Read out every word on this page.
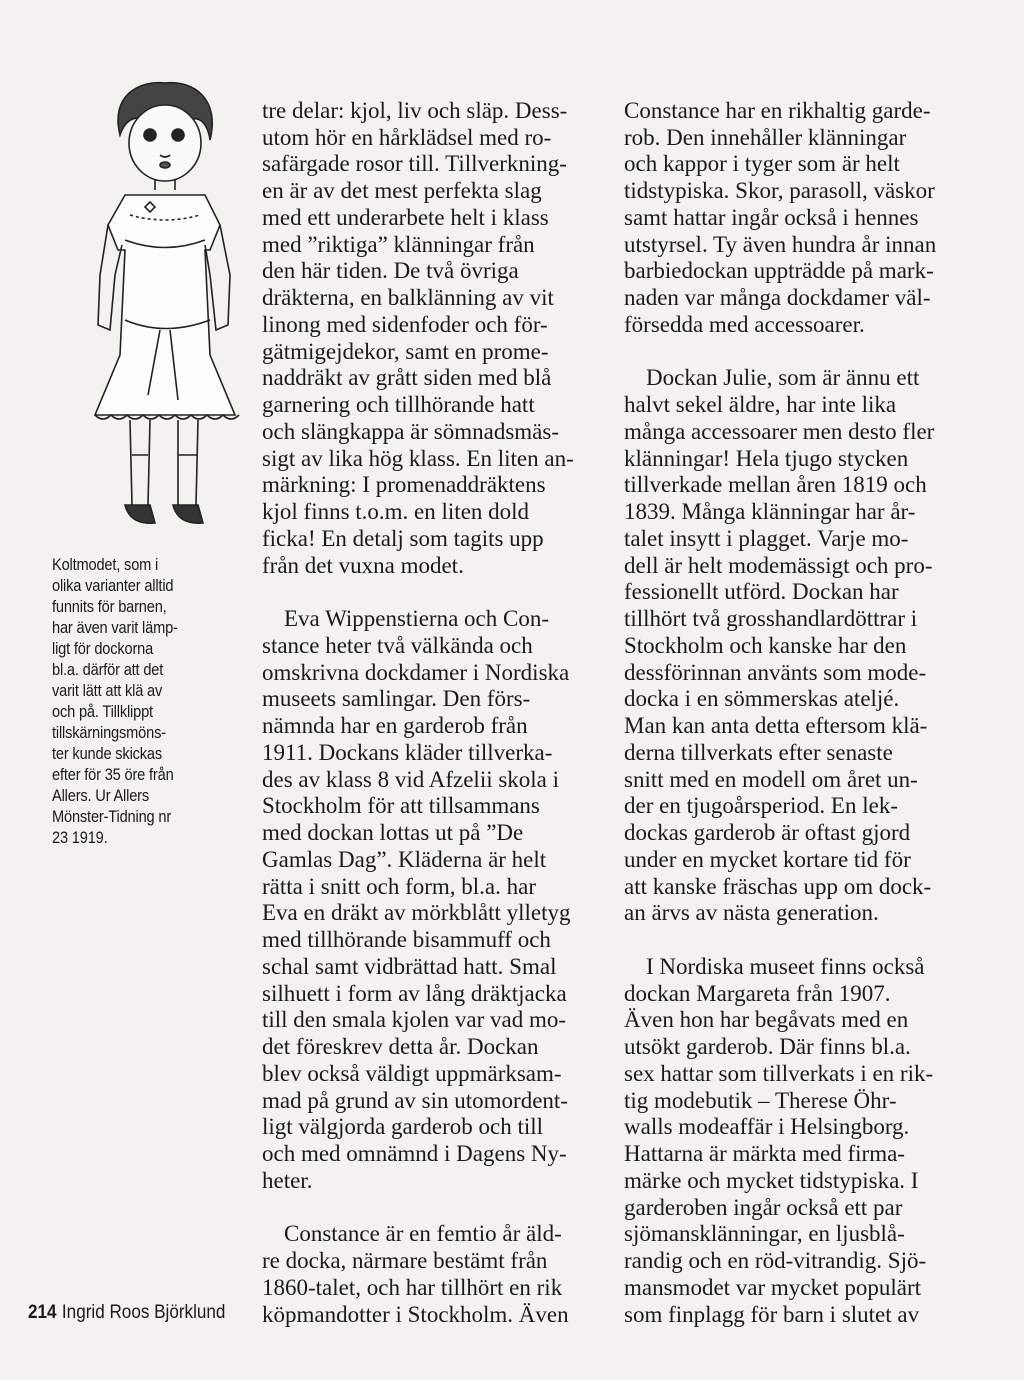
Koltmodet, som i
olika varianter alltid
funnits för barnen,
har även varit lämp-
ligt för dockorna
bl.a. därför att det
varit lätt att klä av
och på. Tillklippt
tillskärningsmöns-
ter kunde skickas
efter för 35 öre från
Allers. Ur Allers
Mönster-Tidning nr
23 1919.

tre delar: kjol, liv och släp. Dess-
utom hör en hårklädsel med ro-
safärgade rosor till. Tillverkning-
en är av det mest perfekta slag
med ett underarbete helt i klass
med ”riktiga” klänningar från
den här tiden. De två övriga
dräkterna, en balklänning av vit
linong med sidenfoder och för-
gätmigejdekor, samt en prome-
naddräkt av grått siden med blå
garnering och tillhörande hatt
och slängkappa är sömnadsmäs-
sigt av lika hög klass. En liten an-
märkning: I promenaddräktens
kjol finns t.o.m. en liten dold
ficka! En detalj som tagits upp
från det vuxna modet.

Eva Wippenstierna och Con-
stance heter två välkända och
omskrivna dockdamer i Nordiska
museets samlingar. Den förs-
nämnda har en garderob från
1911. Dockans kläder tillverka-
des av klass 8 vid Afzelii skola i
Stockholm för att tillsammans
med dockan lottas ut på ”De
Gamlas Dag”. Kläderna är helt
rätta i snitt och form, bl.a. har
Eva en dräkt av mörkblått ylletyg
med tillhörande bisammuff och
schal samt vidbrättad hatt. Smal
silhuett i form av lång dräktjacka
till den smala kjolen var vad mo-
det föreskrev detta år. Dockan
blev också väldigt uppmärksam-
mad på grund av sin utomordent-
ligt välgjorda garderob och till
och med omnämnd i Dagens Ny-
heter.

Constance är en femtio år äld-
re docka, närmare bestämt från
1860-talet, och har tillhört en rik
köpmandotter i Stockholm. Även

Constance har en rikhaltig garde-
rob. Den innehåller klänningar
och kappor i tyger som är helt
tidstypiska. Skor, parasoll, väskor
samt hattar ingår också i hennes
utstyrsel. Ty även hundra år innan
barbiedockan uppträdde på mark-
naden var många dockdamer väl-
försedda med accessoarer.

Dockan Julie, som är ännu ett
halvt sekel äldre, har inte lika
många accessoarer men desto fler
klänningar! Hela tjugo stycken
tillverkade mellan åren 1819 och
1839. Många klänningar har år-
talet insytt i plagget. Varje mo-
dell är helt modemässigt och pro-
fessionellt utförd. Dockan har
tillhört två grosshandlardöttrar i
Stockholm och kanske har den
dessförinnan använts som mode-
docka i en sömmerskas ateljé.
Man kan anta detta eftersom klä-
derna tillverkats efter senaste
snitt med en modell om året un-
der en tjugoårsperiod. En lek-
dockas garderob är oftast gjord
under en mycket kortare tid för
att kanske fräschas upp om dock-
an ärvs av nästa generation.

I Nordiska museet finns också
dockan Margareta från 1907.
Även hon har begåvats med en
utsökt garderob. Där finns bl.a.
sex hattar som tillverkats i en rik-
tig modebutik – Therese Öhr-
walls modeaffär i Helsingborg.
Hattarna är märkta med firma-
märke och mycket tidstypiska. I
garderoben ingår också ett par
sjömansklänningar, en ljusblå-
randig och en röd-vitrandig. Sjö-
mansmodet var mycket populärt
som finplagg för barn i slutet av

214 Ingrid Roos Björklund
